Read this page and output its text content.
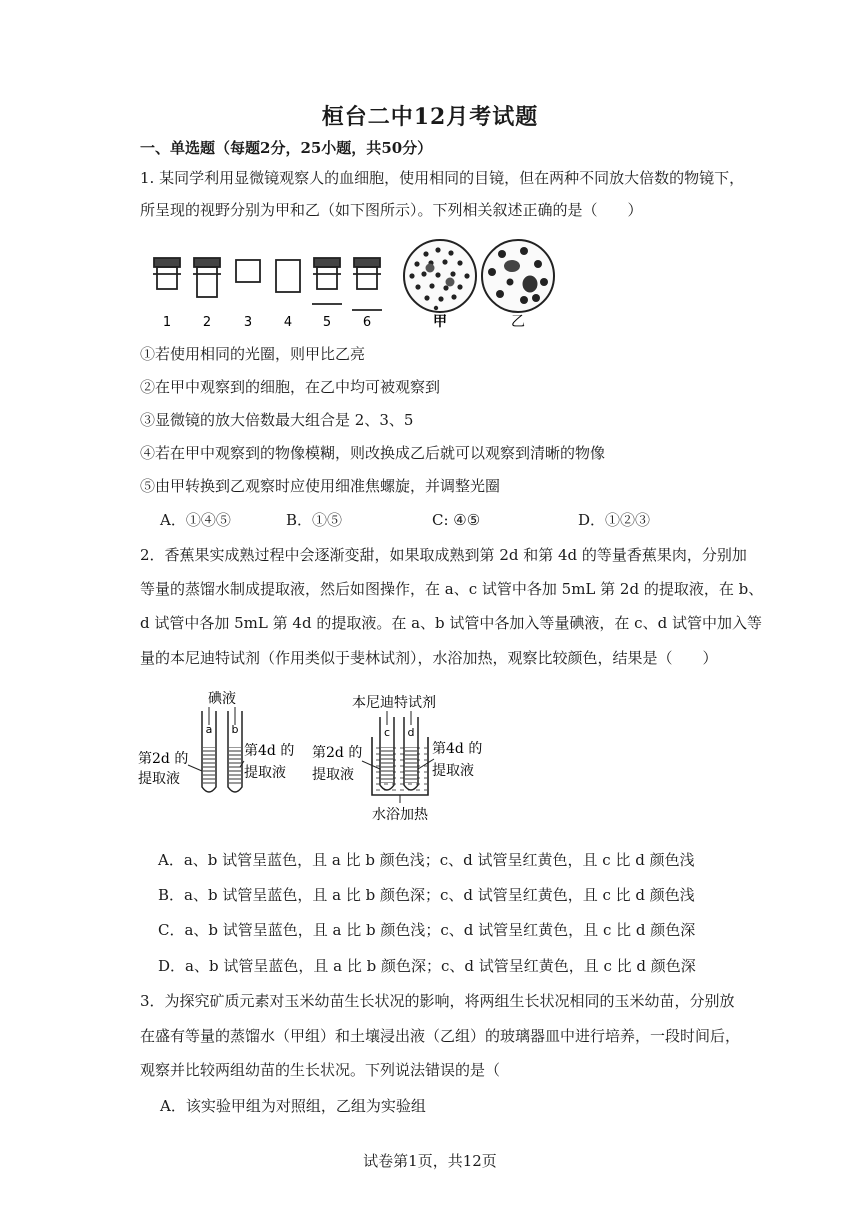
桓台二中12月考试题
一、单选题（每题2分，25小题，共50分）
1. 某同学利用显微镜观察人的血细胞，使用相同的目镜，但在两种不同放大倍数的物镜下，
所呈现的视野分别为甲和乙（如下图所示）。下列相关叙述正确的是（　　）
1 2	3 4 5 6	甲	乙
①若使用相同的光圈，则甲比乙亮
②在甲中观察到的细胞，在乙中均可被观察到
③显微镜的放大倍数最大组合是 2、3、5
④若在甲中观察到的物像模糊，则改换成乙后就可以观察到清晰的物像
⑤由甲转换到乙观察时应使用细准焦螺旋，并调整光圈
A．①④⑤	B．①⑤	C: ④⑤	D．①②③
2．香蕉果实成熟过程中会逐渐变甜，如果取成熟到第 2d 和第 4d 的等量香蕉果肉，分别加
等量的蒸馏水制成提取液，然后如图操作，在 a、c 试管中各加 5mL 第 2d 的提取液，在 b、
d 试管中各加 5mL 第 4d 的提取液。在 a、b 试管中各加入等量碘液，在 c、d 试管中加入等
量的本尼迪特试剂（作用类似于斐林试剂），水浴加热，观察比较颜色，结果是（　　）
碘液
a b
第2d 的
提取液
第4d 的
提取液
本尼迪特试剂
c d
第2d 的
提取液
第4d 的
提取液
水浴加热
A．a、b 试管呈蓝色，且 a 比 b 颜色浅；c、d 试管呈红黄色，且 c 比 d 颜色浅
B．a、b 试管呈蓝色，且 a 比 b 颜色深；c、d 试管呈红黄色，且 c 比 d 颜色浅
C．a、b 试管呈蓝色，且 a 比 b 颜色浅；c、d 试管呈红黄色，且 c 比 d 颜色深
D．a、b 试管呈蓝色，且 a 比 b 颜色深；c、d 试管呈红黄色，且 c 比 d 颜色深
3．为探究矿质元素对玉米幼苗生长状况的影响，将两组生长状况相同的玉米幼苗，分别放
在盛有等量的蒸馏水（甲组）和土壤浸出液（乙组）的玻璃器皿中进行培养，一段时间后，
观察并比较两组幼苗的生长状况。下列说法错误的是（
A．该实验甲组为对照组，乙组为实验组
试卷第1页，共12页
